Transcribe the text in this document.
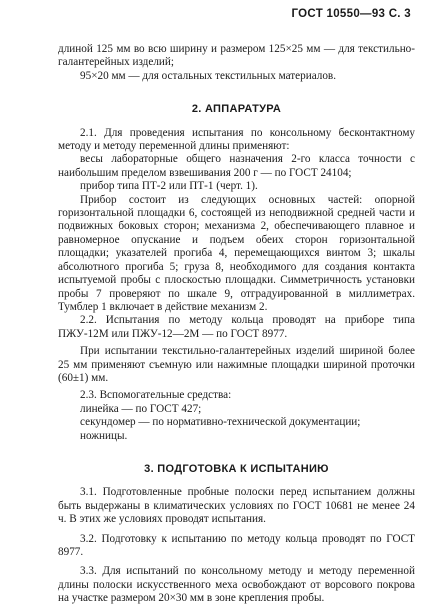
ГОСТ 10550—93 С. 3

длиной 125 мм во всю ширину и размером 125×25 мм — для текстильно-галантерейных изделий;

95×20 мм — для остальных текстильных материалов.

2. АППАРАТУРА

2.1. Для проведения испытания по консольному бесконтактному методу и методу переменной длины применяют:

весы лабораторные общего назначения 2-го класса точности с наибольшим пределом взвешивания 200 г — по ГОСТ 24104;

прибор типа ПТ-2 или ПТ-1 (черт. 1).

Прибор состоит из следующих основных частей: опорной горизонтальной площадки 6, состоящей из неподвижной средней части и подвижных боковых сторон; механизма 2, обеспечивающего плавное и равномерное опускание и подъем обеих сторон горизонтальной площадки; указателей прогиба 4, перемещающихся винтом 3; шкалы абсолютного прогиба 5; груза 8, необходимого для создания контакта испытуемой пробы с плоскостью площадки. Симметричность установки пробы 7 проверяют по шкале 9, отградуированной в миллиметрах. Тумблер 1 включает в действие механизм 2.

2.2. Испытания по методу кольца проводят на приборе типа ПЖУ-12М или ПЖУ-12—2М — по ГОСТ 8977.

При испытании текстильно-галантерейных изделий шириной более 25 мм применяют съемную или нажимные площадки шириной проточки (60±1) мм.

2.3. Вспомогательные средства:

линейка — по ГОСТ 427;
секундомер — по нормативно-технической документации;
ножницы.
3. ПОДГОТОВКА К ИСПЫТАНИЮ

3.1. Подготовленные пробные полоски перед испытанием должны быть выдержаны в климатических условиях по ГОСТ 10681 не менее 24 ч. В этих же условиях проводят испытания.

3.2. Подготовку к испытанию по методу кольца проводят по ГОСТ 8977.

3.3. Для испытаний по консольному методу и методу переменной длины полоски искусственного меха освобождают от ворсового покрова на участке размером 20×30 мм в зоне крепления пробы.
